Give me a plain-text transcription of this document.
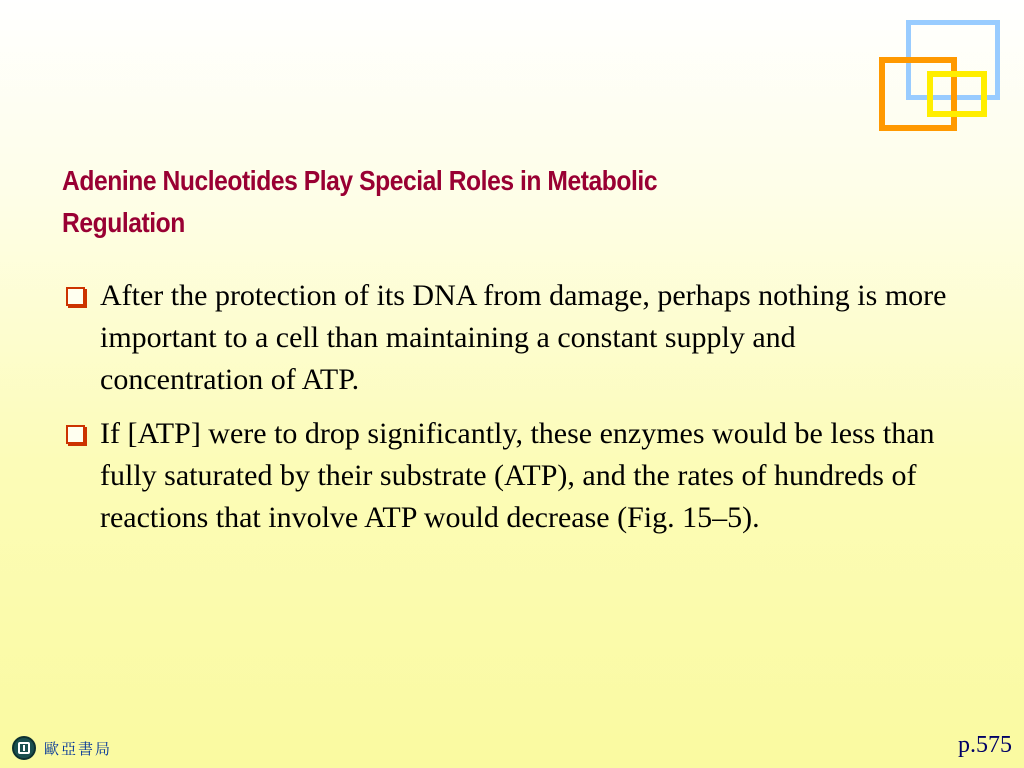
Adenine Nucleotides Play Special Roles in Metabolic Regulation
After the protection of its DNA from damage, perhaps nothing is more important to a cell than maintaining a constant supply and concentration of ATP.
If [ATP] were to drop significantly, these enzymes would be less than fully saturated by their substrate (ATP), and the rates of hundreds of reactions that involve ATP would decrease (Fig. 15–5).
歐亞書局	p.575
